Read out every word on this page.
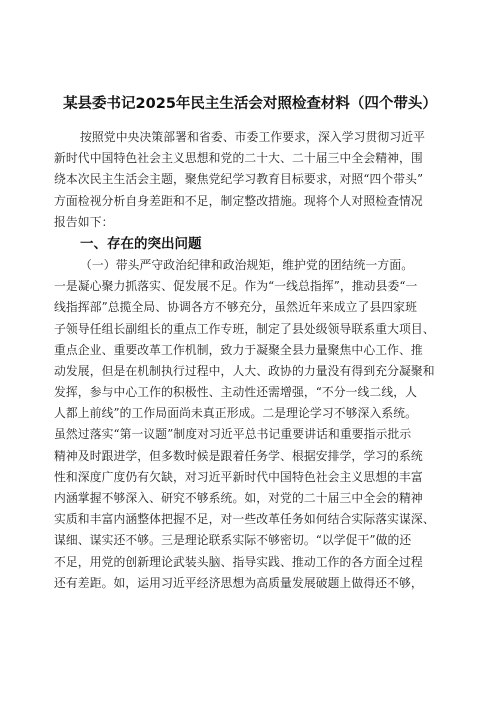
某县委书记2025年民主生活会对照检查材料（四个带头）
按照党中央决策部署和省委、市委工作要求，深入学习贯彻习近平
新时代中国特色社会主义思想和党的二十大、二十届三中全会精神，围
绕本次民主生活会主题，聚焦党纪学习教育目标要求，对照“四个带头”
方面检视分析自身差距和不足，制定整改措施。现将个人对照检查情况
报告如下：
一、存在的突出问题
（一）带头严守政治纪律和政治规矩，维护党的团结统一方面。
一是凝心聚力抓落实、促发展不足。作为“一线总指挥”，推动县委“一
线指挥部”总揽全局、协调各方不够充分，虽然近年来成立了县四家班
子领导任组长副组长的重点工作专班，制定了县处级领导联系重大项目、
重点企业、重要改革工作机制，致力于凝聚全县力量聚焦中心工作、推
动发展，但是在机制执行过程中，人大、政协的力量没有得到充分凝聚和
发挥，参与中心工作的积极性、主动性还需增强，“不分一线二线，人
人都上前线”的工作局面尚未真正形成。二是理论学习不够深入系统。
虽然过落实“第一议题”制度对习近平总书记重要讲话和重要指示批示
精神及时跟进学，但多数时候是跟着任务学、根据安排学，学习的系统
性和深度广度仍有欠缺，对习近平新时代中国特色社会主义思想的丰富
内涵掌握不够深入、研究不够系统。如，对党的二十届三中全会的精神
实质和丰富内涵整体把握不足，对一些改革任务如何结合实际落实谋深、
谋细、谋实还不够。三是理论联系实际不够密切。“以学促干”做的还
不足，用党的创新理论武装头脑、指导实践、推动工作的各方面全过程
还有差距。如，运用习近平经济思想为高质量发展破题上做得还不够，
